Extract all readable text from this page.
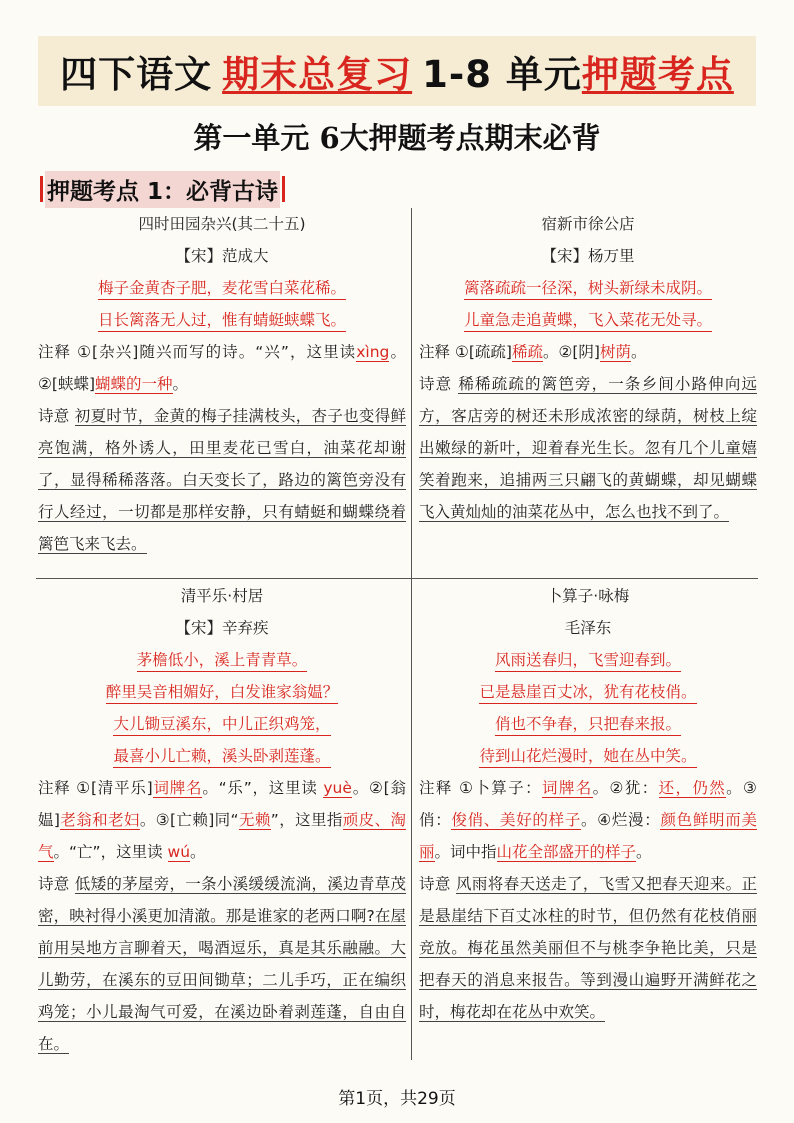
四下语文 期末总复习 1-8 单元 押题考点
第一单元 6大押题考点期末必背
押题考点 1：必背古诗
四时田园杂兴(其二十五)
【宋】范成大
梅子金黄杏子肥，麦花雪白菜花稀。
日长篱落无人过，惟有蜻蜓蛱蝶飞。
注释 ①[杂兴]随兴而写的诗。“兴”，这里读xìng。②[蛱蝶]蝴蝶的一种。
诗意 初夏时节，金黄的梅子挂满枝头，杏子也变得鲜亮饱满，格外诱人，田里麦花已雪白，油菜花却谢了，显得稀稀落落。白天变长了，路边的篱笆旁没有行人经过，一切都是那样安静，只有蜻蜓和蝴蝶绕着篱笆飞来飞去。
宿新市徐公店
【宋】杨万里
篱落疏疏一径深，树头新绿未成阴。
儿童急走追黄蝶，飞入菜花无处寻。
注释 ①[疏疏]稀疏。②[阴]树荫。
诗意 稀稀疏疏的篱笆旁，一条乡间小路伸向远方，客店旁的树还未形成浓密的绿荫，树枝上绽出嫩绿的新叶，迎着春光生长。忽有几个儿童嬉笑着跑来，追捕两三只翩飞的黄蝴蝶，却见蝴蝶飞入黄灿灿的油菜花丛中，怎么也找不到了。
清平乐·村居
【宋】辛弃疾
茅檐低小，溪上青青草。
醉里吴音相媚好，白发谁家翁媪？
大儿锄豆溪东，中儿正织鸡笼，
最喜小儿亡赖，溪头卧剥莲蓬。
注释 ①[清平乐]词牌名。“乐”，这里读 yuè。②[翁媪]老翁和老妇。③[亡赖]同“无赖”，这里指顽皮、淘气。“亡”，这里读 wú。
诗意 低矮的茅屋旁，一条小溪缓缓流淌，溪边青草茂密，映衬得小溪更加清澈。那是谁家的老两口啊?在屋前用吴地方言聊着天，喝酒逗乐，真是其乐融融。大儿勤劳，在溪东的豆田间锄草；二儿手巧，正在编织鸡笼；小儿最淘气可爱，在溪边卧着剥莲蓬，自由自在。
卜算子·咏梅
毛泽东
风雨送春归，飞雪迎春到。
已是悬崖百丈冰，犹有花枝俏。
俏也不争春，只把春来报。
待到山花烂漫时，她在丛中笑。
注释 ①卜算子：词牌名。②犹：还，仍然。③俏：俊俏、美好的样子。④烂漫：颜色鲜明而美丽。词中指山花全部盛开的样子。
诗意 风雨将春天送走了，飞雪又把春天迎来。正是悬崖结下百丈冰柱的时节，但仍然有花枝俏丽竞放。梅花虽然美丽但不与桃李争艳比美，只是把春天的消息来报告。等到漫山遍野开满鲜花之时，梅花却在花丛中欢笑。
第1页，共29页
